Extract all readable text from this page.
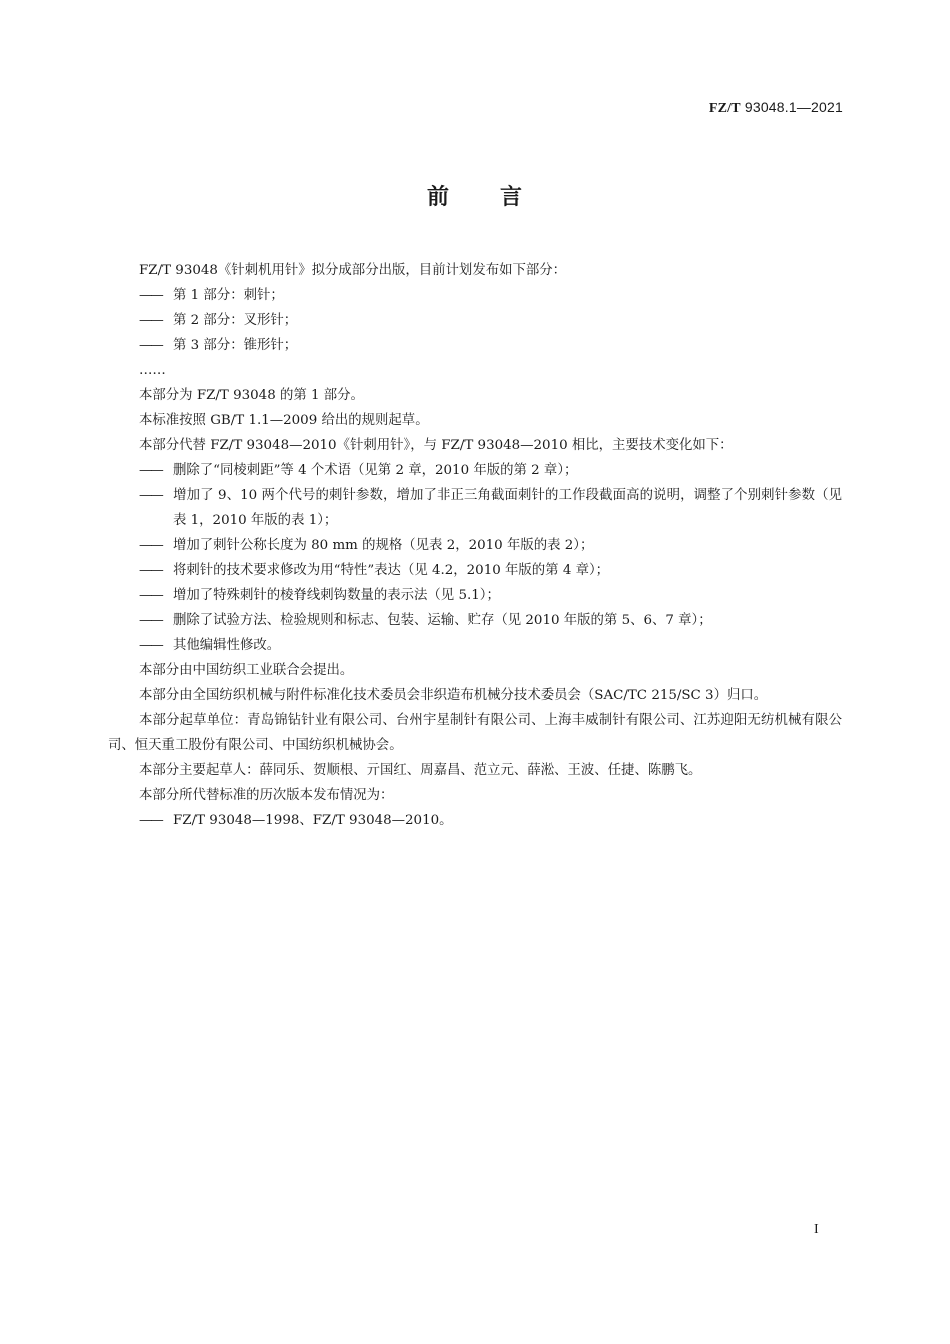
FZ/T 93048.1—2021
前 言

FZ/T 93048《针刺机用针》拟分成部分出版，目前计划发布如下部分：

—— 第 1 部分：刺针；

—— 第 2 部分：叉形针；

—— 第 3 部分：锥形针；

……

本部分为 FZ/T 93048 的第 1 部分。

本标准按照 GB/T 1.1—2009 给出的规则起草。

本部分代替 FZ/T 93048—2010《针刺用针》，与 FZ/T 93048—2010 相比，主要技术变化如下：

—— 删除了“同棱刺距”等 4 个术语（见第 2 章，2010 年版的第 2 章）；

—— 增加了 9、10 两个代号的刺针参数，增加了非正三角截面刺针的工作段截面高的说明，调整了个别刺针参数（见表 1，2010 年版的表 1）；

—— 增加了刺针公称长度为 80 mm 的规格（见表 2，2010 年版的表 2）；

—— 将刺针的技术要求修改为用“特性”表达（见 4.2，2010 年版的第 4 章）；

—— 增加了特殊刺针的棱脊线刺钩数量的表示法（见 5.1）；

—— 删除了试验方法、检验规则和标志、包装、运输、贮存（见 2010 年版的第 5、6、7 章）；

—— 其他编辑性修改。

本部分由中国纺织工业联合会提出。

本部分由全国纺织机械与附件标准化技术委员会非织造布机械分技术委员会（SAC/TC 215/SC 3）归口。

本部分起草单位：青岛锦钻针业有限公司、台州宇星制针有限公司、上海丰威制针有限公司、江苏迎阳无纺机械有限公司、恒天重工股份有限公司、中国纺织机械协会。

本部分主要起草人：薛同乐、贺顺根、亓国红、周嘉昌、范立元、薛淞、王波、任捷、陈鹏飞。

本部分所代替标准的历次版本发布情况为：

—— FZ/T 93048—1998、FZ/T 93048—2010。

I
